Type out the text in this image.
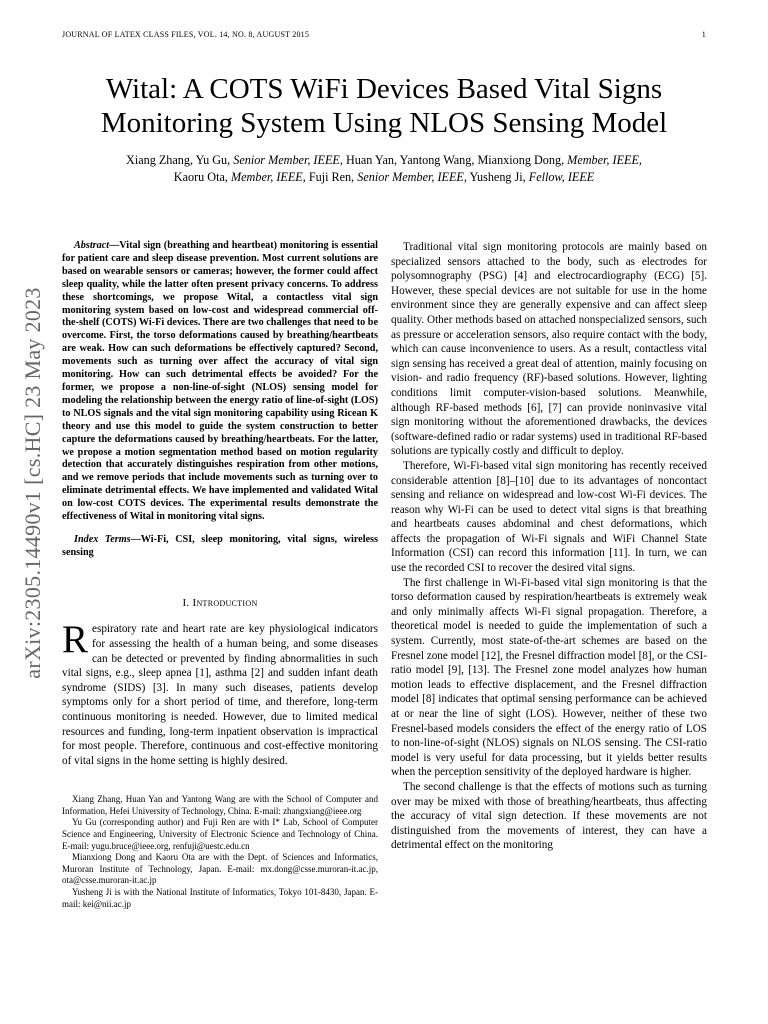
JOURNAL OF LATEX CLASS FILES, VOL. 14, NO. 8, AUGUST 2015	1
Wital: A COTS WiFi Devices Based Vital Signs Monitoring System Using NLOS Sensing Model
Xiang Zhang, Yu Gu, Senior Member, IEEE, Huan Yan, Yantong Wang, Mianxiong Dong, Member, IEEE,
Kaoru Ota, Member, IEEE, Fuji Ren, Senior Member, IEEE, Yusheng Ji, Fellow, IEEE
arXiv:2305.14490v1 [cs.HC] 23 May 2023

Abstract—Vital sign (breathing and heartbeat) monitoring is essential for patient care and sleep disease prevention. Most current solutions are based on wearable sensors or cameras; however, the former could affect sleep quality, while the latter often present privacy concerns. To address these shortcomings, we propose Wital, a contactless vital sign monitoring system based on low-cost and widespread commercial off-the-shelf (COTS) Wi-Fi devices. There are two challenges that need to be overcome. First, the torso deformations caused by breathing/heartbeats are weak. How can such deformations be effectively captured? Second, movements such as turning over affect the accuracy of vital sign monitoring. How can such detrimental effects be avoided? For the former, we propose a non-line-of-sight (NLOS) sensing model for modeling the relationship between the energy ratio of line-of-sight (LOS) to NLOS signals and the vital sign monitoring capability using Ricean K theory and use this model to guide the system construction to better capture the deformations caused by breathing/heartbeats. For the latter, we propose a motion segmentation method based on motion regularity detection that accurately distinguishes respiration from other motions, and we remove periods that include movements such as turning over to eliminate detrimental effects. We have implemented and validated Wital on low-cost COTS devices. The experimental results demonstrate the effectiveness of Wital in monitoring vital signs.

Index Terms—Wi-Fi, CSI, sleep monitoring, vital signs, wireless sensing

I. Introduction

Respiratory rate and heart rate are key physiological indicators for assessing the health of a human being, and some diseases can be detected or prevented by finding abnormalities in such vital signs, e.g., sleep apnea [1], asthma [2] and sudden infant death syndrome (SIDS) [3]. In many such diseases, patients develop symptoms only for a short period of time, and therefore, long-term continuous monitoring is needed. However, due to limited medical resources and funding, long-term inpatient observation is impractical for most people. Therefore, continuous and cost-effective monitoring of vital signs in the home setting is highly desired.

Xiang Zhang, Huan Yan and Yantong Wang are with the School of Computer and Information, Hefei University of Technology, China. E-mail: zhangxiang@ieee.org

Yu Gu (corresponding author) and Fuji Ren are with I* Lab, School of Computer Science and Engineering, University of Electronic Science and Technology of China. E-mail: yugu.bruce@ieee.org, renfuji@uestc.edu.cn

Mianxiong Dong and Kaoru Ota are with the Dept. of Sciences and Informatics, Muroran Institute of Technology, Japan. E-mail: mx.dong@csse.muroran-it.ac.jp, ota@csse.muroran-it.ac.jp

Yusheng Ji is with the National Institute of Informatics, Tokyo 101-8430, Japan. E-mail: kei@nii.ac.jp

Traditional vital sign monitoring protocols are mainly based on specialized sensors attached to the body, such as electrodes for polysomnography (PSG) [4] and electrocardiography (ECG) [5]. However, these special devices are not suitable for use in the home environment since they are generally expensive and can affect sleep quality. Other methods based on attached nonspecialized sensors, such as pressure or acceleration sensors, also require contact with the body, which can cause inconvenience to users. As a result, contactless vital sign sensing has received a great deal of attention, mainly focusing on vision- and radio frequency (RF)-based solutions. However, lighting conditions limit computer-vision-based solutions. Meanwhile, although RF-based methods [6], [7] can provide noninvasive vital sign monitoring without the aforementioned drawbacks, the devices (software-defined radio or radar systems) used in traditional RF-based solutions are typically costly and difficult to deploy.

Therefore, Wi-Fi-based vital sign monitoring has recently received considerable attention [8]–[10] due to its advantages of noncontact sensing and reliance on widespread and low-cost Wi-Fi devices. The reason why Wi-Fi can be used to detect vital signs is that breathing and heartbeats causes abdominal and chest deformations, which affects the propagation of Wi-Fi signals and WiFi Channel State Information (CSI) can record this information [11]. In turn, we can use the recorded CSI to recover the desired vital signs.

The first challenge in Wi-Fi-based vital sign monitoring is that the torso deformation caused by respiration/heartbeats is extremely weak and only minimally affects Wi-Fi signal propagation. Therefore, a theoretical model is needed to guide the implementation of such a system. Currently, most state-of-the-art schemes are based on the Fresnel zone model [12], the Fresnel diffraction model [8], or the CSI-ratio model [9], [13]. The Fresnel zone model analyzes how human motion leads to effective displacement, and the Fresnel diffraction model [8] indicates that optimal sensing performance can be achieved at or near the line of sight (LOS). However, neither of these two Fresnel-based models considers the effect of the energy ratio of LOS to non-line-of-sight (NLOS) signals on NLOS sensing. The CSI-ratio model is very useful for data processing, but it yields better results when the perception sensitivity of the deployed hardware is higher.

The second challenge is that the effects of motions such as turning over may be mixed with those of breathing/heartbeats, thus affecting the accuracy of vital sign detection. If these movements are not distinguished from the movements of interest, they can have a detrimental effect on the monitoring
